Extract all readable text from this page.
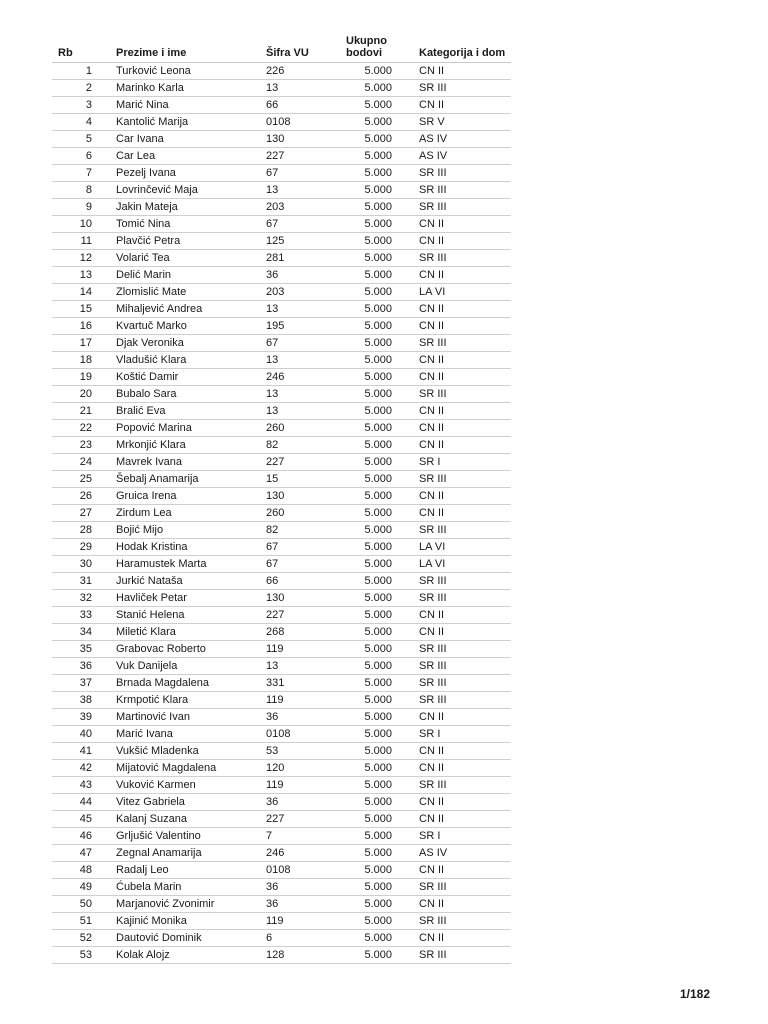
Rb	Prezime i ime	Šifra VU	Ukupno bodovi	Kategorija i dom
1	Turković Leona	226	5.000	CN II
2	Marinko Karla	13	5.000	SR III
3	Marić Nina	66	5.000	CN II
4	Kantolić Marija	0108	5.000	SR V
5	Car Ivana	130	5.000	AS IV
6	Car Lea	227	5.000	AS IV
7	Pezelj Ivana	67	5.000	SR III
8	Lovrinčević Maja	13	5.000	SR III
9	Jakin Mateja	203	5.000	SR III
10	Tomić Nina	67	5.000	CN II
11	Plavčić Petra	125	5.000	CN II
12	Volarić Tea	281	5.000	SR III
13	Delić Marin	36	5.000	CN II
14	Zlomislić Mate	203	5.000	LA VI
15	Mihaljević Andrea	13	5.000	CN II
16	Kvartuč Marko	195	5.000	CN II
17	Djak Veronika	67	5.000	SR III
18	Vladušić Klara	13	5.000	CN II
19	Koštić Damir	246	5.000	CN II
20	Bubalo Sara	13	5.000	SR III
21	Bralić Eva	13	5.000	CN II
22	Popović Marina	260	5.000	CN II
23	Mrkonjić Klara	82	5.000	CN II
24	Mavrek Ivana	227	5.000	SR I
25	Šebalj Anamarija	15	5.000	SR III
26	Gruica Irena	130	5.000	CN II
27	Zirdum Lea	260	5.000	CN II
28	Bojić Mijo	82	5.000	SR III
29	Hodak Kristina	67	5.000	LA VI
30	Haramustek Marta	67	5.000	LA VI
31	Jurkić Nataša	66	5.000	SR III
32	Havliček Petar	130	5.000	SR III
33	Stanić Helena	227	5.000	CN II
34	Miletić Klara	268	5.000	CN II
35	Grabovac Roberto	119	5.000	SR III
36	Vuk Danijela	13	5.000	SR III
37	Brnada Magdalena	331	5.000	SR III
38	Krmpotić Klara	119	5.000	SR III
39	Martinović Ivan	36	5.000	CN II
40	Marić Ivana	0108	5.000	SR I
41	Vukšić Mladenka	53	5.000	CN II
42	Mijatović Magdalena	120	5.000	CN II
43	Vuković Karmen	119	5.000	SR III
44	Vitez Gabriela	36	5.000	CN II
45	Kalanj Suzana	227	5.000	CN II
46	Grljušić Valentino	7	5.000	SR I
47	Zegnal Anamarija	246	5.000	AS IV
48	Radalj Leo	0108	5.000	CN II
49	Ćubela Marin	36	5.000	SR III
50	Marjanović Zvonimir	36	5.000	CN II
51	Kajinić Monika	119	5.000	SR III
52	Dautović Dominik	6	5.000	CN II
53	Kolak Alojz	128	5.000	SR III
1/182
